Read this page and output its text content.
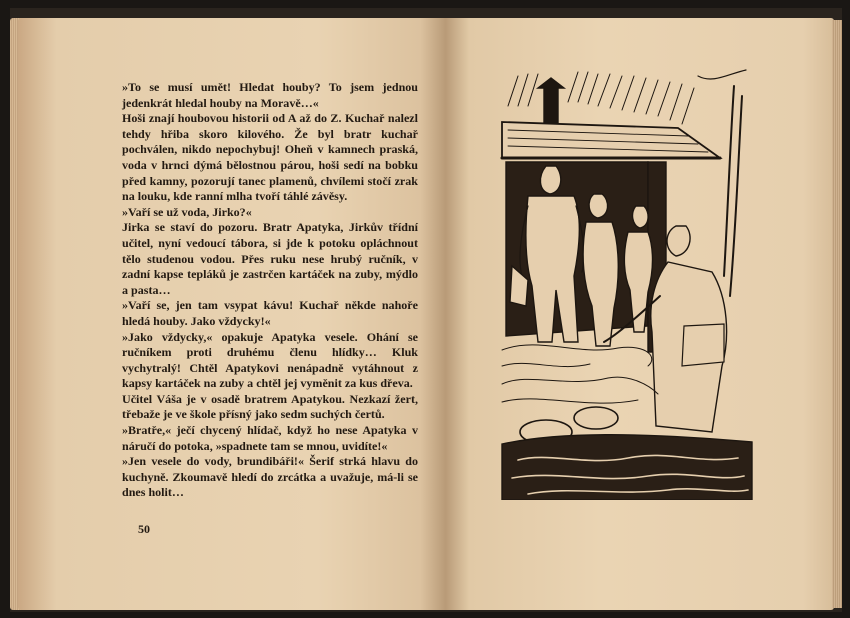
»To se musí umět! Hledat houby? To jsem jednou jedenkrát hledal houby na Moravě…«

Hoši znají houbovou historii od A až do Z. Kuchař nalezl tehdy hřiba skoro kilového. Že byl bratr kuchař pochválen, nikdo nepochybuj! Oheň v kamnech praská, voda v hrnci dýmá bělostnou párou, hoši sedí na bobku před kamny, pozorují tanec plamenů, chvílemi stočí zrak na louku, kde ranní mlha tvoří táhlé závěsy.

»Vaří se už voda, Jirko?«

Jirka se staví do pozoru. Bratr Apatyka, Jirkův třídní učitel, nyní vedoucí tábora, si jde k potoku opláchnout tělo studenou vodou. Přes ruku nese hrubý ručník, v zadní kapse tepláků je zastrčen kartáček na zuby, mýdlo a pasta…

»Vaří se, jen tam vsypat kávu! Kuchař někde nahoře hledá houby. Jako vždycky!«

»Jako vždycky,« opakuje Apatyka vesele. Ohání se ručníkem proti druhému členu hlídky… Kluk vychytralý! Chtěl Apatykovi nenápadně vytáhnout z kapsy kartáček na zuby a chtěl jej vyměnit za kus dřeva.

Učitel Váša je v osadě bratrem Apatykou. Nezkazí žert, třebaže je ve škole přísný jako sedm suchých čertů.

»Bratře,« ječí chycený hlídač, když ho nese Apatyka v náručí do potoka, »spadnete tam se mnou, uvidíte!«

»Jen vesele do vody, brundibáři!« Šerif strká hlavu do kuchyně. Zkoumavě hledí do zrcátka a uvažuje, má-li se dnes holit…

50
